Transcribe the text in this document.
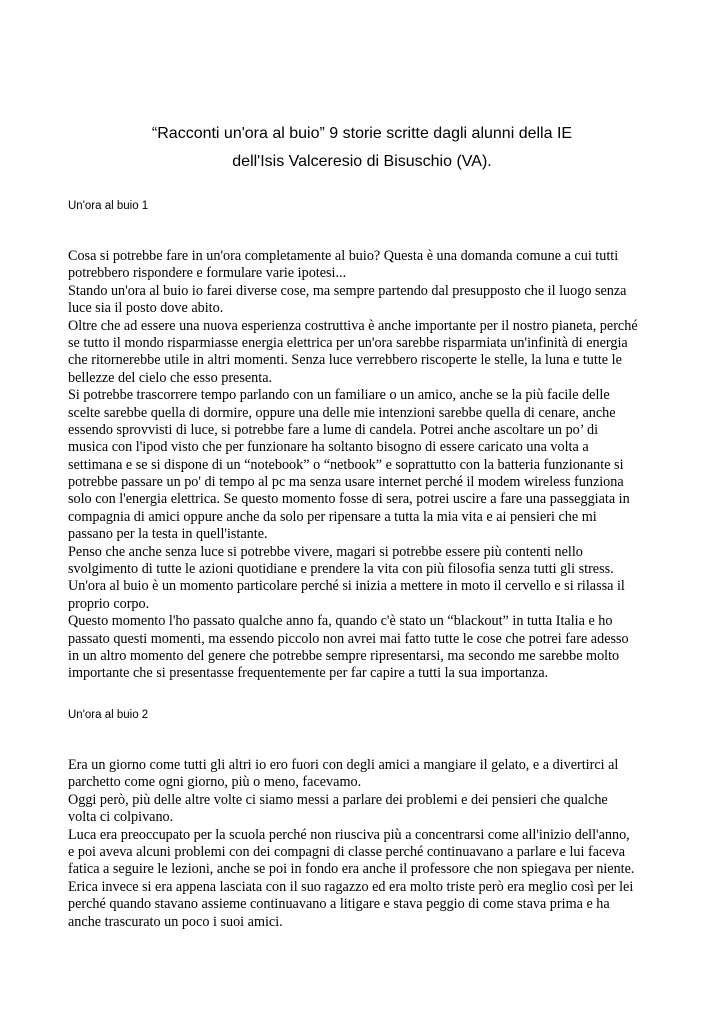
“Racconti un'ora al buio” 9 storie scritte dagli alunni della IE
dell'Isis Valceresio di Bisuschio (VA).
Un'ora al buio 1
Cosa si potrebbe fare in un'ora completamente al buio? Questa è una domanda comune a cui tutti
potrebbero rispondere e formulare varie ipotesi...
Stando un'ora al buio io farei diverse cose, ma sempre partendo dal presupposto che il luogo senza
luce sia il posto dove abito.
Oltre che ad essere una nuova esperienza costruttiva è anche importante per il nostro pianeta, perché
se tutto il mondo risparmiasse energia elettrica per un'ora sarebbe risparmiata un'infinità di energia
che ritornerebbe utile in altri momenti. Senza luce verrebbero riscoperte le stelle, la luna e tutte le
bellezze del cielo che esso presenta.
Si potrebbe trascorrere tempo parlando con un familiare o un amico, anche se la più facile delle
scelte sarebbe quella di dormire, oppure una delle mie intenzioni sarebbe quella di cenare, anche
essendo sprovvisti di luce, si potrebbe fare a lume di candela. Potrei anche ascoltare un po’ di
musica con l'ipod visto che per funzionare ha soltanto bisogno di essere caricato una volta a
settimana e se si dispone di un “notebook” o “netbook” e soprattutto con la batteria funzionante si
potrebbe passare un po' di tempo al pc ma senza usare internet perché il modem wireless funziona
solo con l'energia elettrica. Se questo momento fosse di sera, potrei uscire a fare una passeggiata in
compagnia di amici oppure anche da solo per ripensare a tutta la mia vita e ai pensieri che mi
passano per la testa in quell'istante.
Penso che anche senza luce si potrebbe vivere, magari si potrebbe essere più contenti nello
svolgimento di tutte le azioni quotidiane e prendere la vita con più filosofia senza tutti gli stress.
Un'ora al buio è un momento particolare perché si inizia a mettere in moto il cervello e si rilassa il
proprio corpo.
Questo momento l'ho passato qualche anno fa, quando c'è stato un “blackout” in tutta Italia e ho
passato questi momenti, ma essendo piccolo non avrei mai fatto tutte le cose che potrei fare adesso
in un altro momento del genere che potrebbe sempre ripresentarsi, ma secondo me sarebbe molto
importante che si presentasse frequentemente per far capire a tutti la sua importanza.
Un'ora al buio 2
Era un giorno come tutti gli altri io ero fuori con degli amici a mangiare il gelato, e a divertirci al
parchetto come ogni giorno, più o meno, facevamo.
Oggi però, più delle altre volte ci siamo messi a parlare dei problemi e dei pensieri che qualche
volta ci colpivano.
Luca era preoccupato per la scuola perché non riusciva più a concentrarsi come all'inizio dell'anno,
e poi aveva alcuni problemi con dei compagni di classe perché continuavano a parlare e lui faceva
fatica a seguire le lezioni, anche se poi in fondo era anche il professore che non spiegava per niente.
Erica invece si era appena lasciata con il suo ragazzo ed era molto triste però era meglio così per lei
perché quando stavano assieme continuavano a litigare e stava peggio di come stava prima e ha
anche trascurato un poco i suoi amici.
